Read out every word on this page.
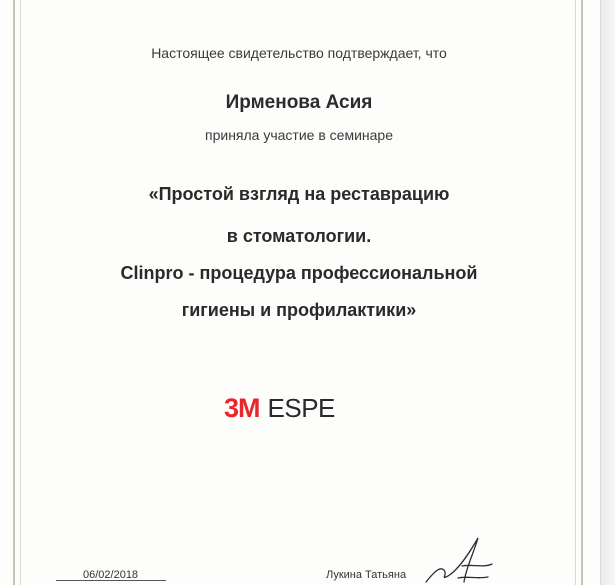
Настоящее свидетельство подтверждает, что
Ирменова Асия
приняла участие в семинаре
«Простой взгляд на реставрацию
в стоматологии.
Clinpro - процедура профессиональной
гигиены и профилактики»
3M ESPE
06/02/2018	Лукина Татьяна
